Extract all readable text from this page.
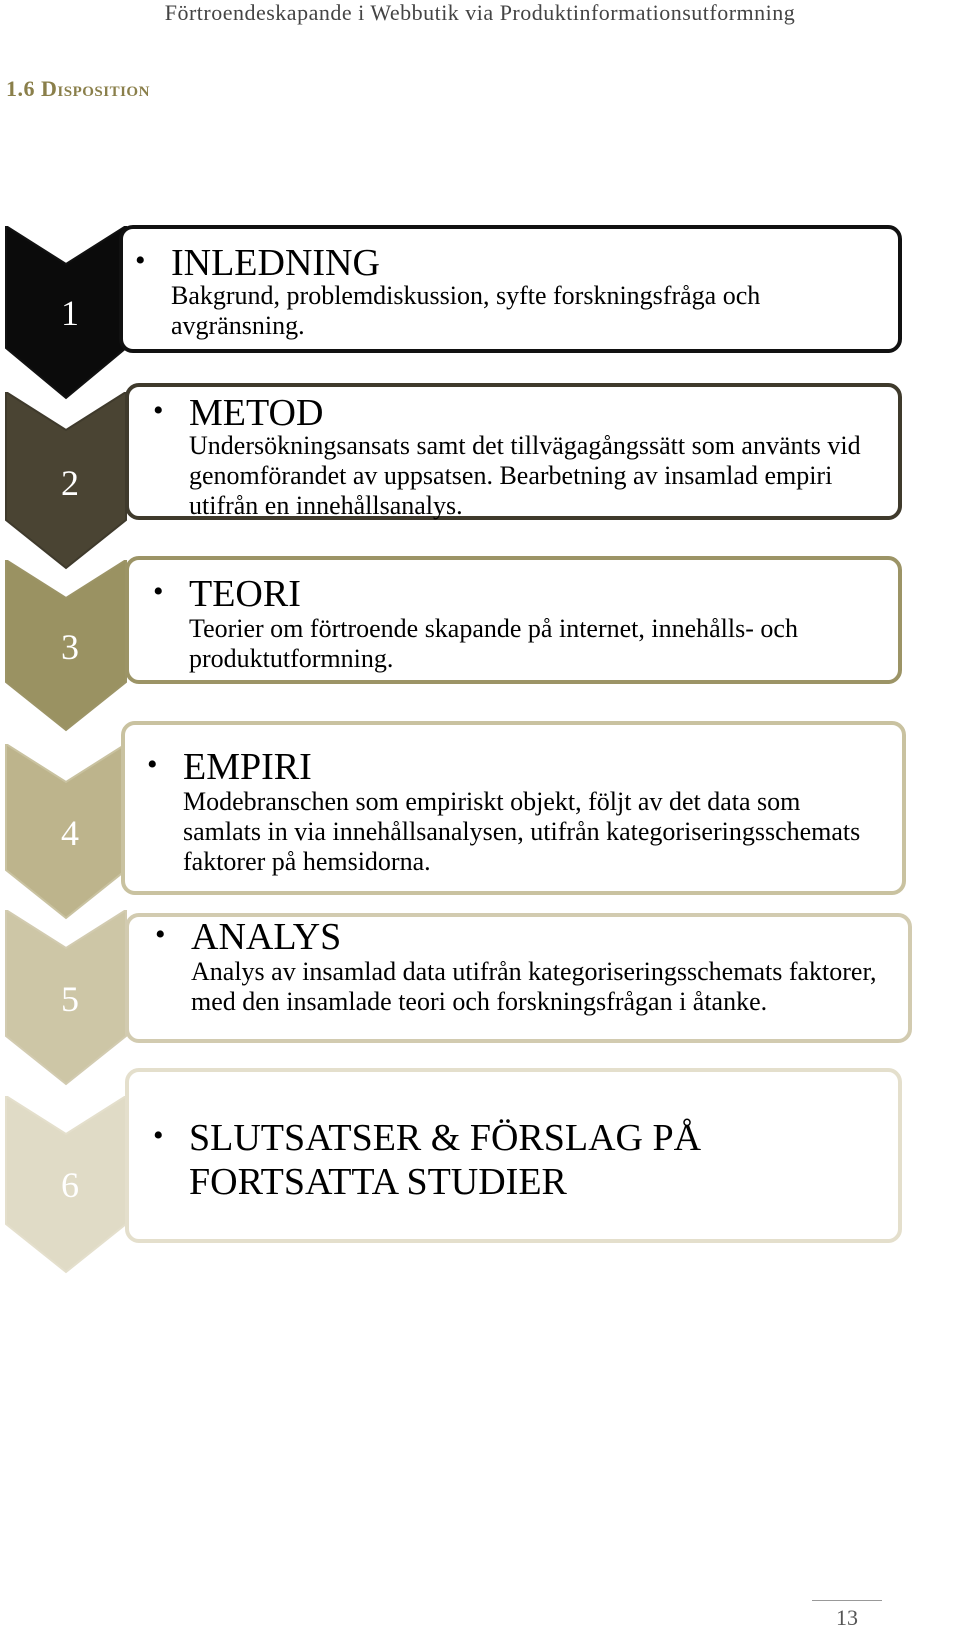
Förtroendeskapande i Webbutik via Produktinformationsutformning
1.6 Disposition
1
• INLEDNING
Bakgrund, problemdiskussion, syfte forskningsfråga och avgränsning.
2
• METOD
Undersökningsansats samt det tillvägagångssätt som använts vid genomförandet av uppsatsen. Bearbetning av insamlad empiri utifrån en innehållsanalys.
3
• TEORI
Teorier om förtroende skapande på internet, innehålls- och produktutformning.
4
• EMPIRI
Modebranschen som empiriskt objekt, följt av det data som samlats in via innehållsanalysen, utifrån kategoriseringsschemats faktorer på hemsidorna.
5
• ANALYS
Analys av insamlad data utifrån kategoriseringsschemats faktorer, med den insamlade teori och forskningsfrågan i åtanke.
6
• SLUTSATSER & FÖRSLAG PÅ FORTSATTA STUDIER
13
